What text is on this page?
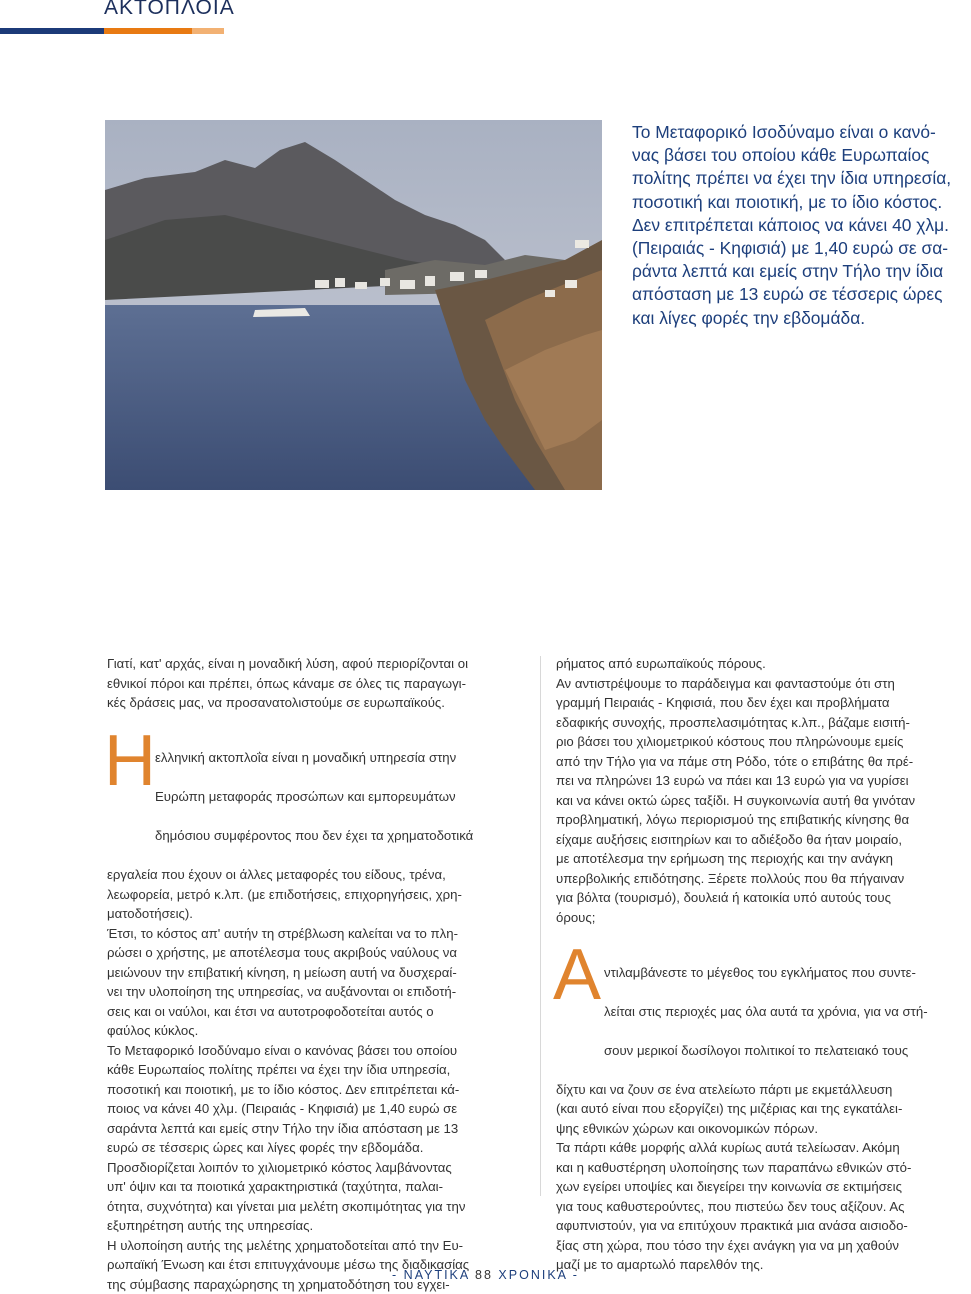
ΑΚΤΟΠΛΟΙΑ
Το Μεταφορικό Ισοδύναμο είναι ο κανό-
νας βάσει του οποίου κάθε Ευρωπαίος
πολίτης πρέπει να έχει την ίδια υπηρεσία,
ποσοτική και ποιοτική, με το ίδιο κόστος.
Δεν επιτρέπεται κάποιος να κάνει 40 χλμ.
(Πειραιάς - Κηφισιά) με 1,40 ευρώ σε σα-
ράντα λεπτά και εμείς στην Τήλο την ίδια
απόσταση με 13 ευρώ σε τέσσερις ώρες
και λίγες φορές την εβδομάδα.

Γιατί, κατ' αρχάς, είναι η μοναδική λύση, αφού περιορίζονται οι
εθνικοί πόροι και πρέπει, όπως κάναμε σε όλες τις παραγωγι-
κές δράσεις μας, να προσανατολιστούμε σε ευρωπαϊκούς.

Η ελληνική ακτοπλοΐα είναι η μοναδική υπηρεσία στην

Ευρώπη μεταφοράς προσώπων και εμπορευμάτων

δημόσιου συμφέροντος που δεν έχει τα χρηματοδοτικά

εργαλεία που έχουν οι άλλες μεταφορές του είδους, τρένα,
λεωφορεία, μετρό κ.λπ. (με επιδοτήσεις, επιχορηγήσεις, χρη-
ματοδοτήσεις).

Έτσι, το κόστος απ' αυτήν τη στρέβλωση καλείται να το πλη-
ρώσει ο χρήστης, με αποτέλεσμα τους ακριβούς ναύλους να
μειώνουν την επιβατική κίνηση, η μείωση αυτή να δυσχεραί-
νει την υλοποίηση της υπηρεσίας, να αυξάνονται οι επιδοτή-
σεις και οι ναύλοι, και έτσι να αυτοτροφοδοτείται αυτός ο
φαύλος κύκλος.

Το Μεταφορικό Ισοδύναμο είναι ο κανόνας βάσει του οποίου
κάθε Ευρωπαίος πολίτης πρέπει να έχει την ίδια υπηρεσία,
ποσοτική και ποιοτική, με το ίδιο κόστος. Δεν επιτρέπεται κά-
ποιος να κάνει 40 χλμ. (Πειραιάς - Κηφισιά) με 1,40 ευρώ σε
σαράντα λεπτά και εμείς στην Τήλο την ίδια απόσταση με 13
ευρώ σε τέσσερις ώρες και λίγες φορές την εβδομάδα.

Προσδιορίζεται λοιπόν το χιλιομετρικό κόστος λαμβάνοντας
υπ' όψιν και τα ποιοτικά χαρακτηριστικά (ταχύτητα, παλαι-
ότητα, συχνότητα) και γίνεται μια μελέτη σκοπιμότητας για την
εξυπηρέτηση αυτής της υπηρεσίας.

Η υλοποίηση αυτής της μελέτης χρηματοδοτείται από την Ευ-
ρωπαϊκή Ένωση και έτσι επιτυγχάνουμε μέσω της διαδικασίας
της σύμβασης παραχώρησης τη χρηματοδότηση του εγχει-

ρήματος από ευρωπαϊκούς πόρους.

Αν αντιστρέψουμε το παράδειγμα και φανταστούμε ότι στη
γραμμή Πειραιάς - Κηφισιά, που δεν έχει και προβλήματα
εδαφικής συνοχής, προσπελασιμότητας κ.λπ., βάζαμε εισιτή-
ριο βάσει του χιλιομετρικού κόστους που πληρώνουμε εμείς
από την Τήλο για να πάμε στη Ρόδο, τότε ο επιβάτης θα πρέ-
πει να πληρώνει 13 ευρώ να πάει και 13 ευρώ για να γυρίσει
και να κάνει οκτώ ώρες ταξίδι. Η συγκοινωνία αυτή θα γινόταν
προβληματική, λόγω περιορισμού της επιβατικής κίνησης θα
είχαμε αυξήσεις εισιτηρίων και το αδιέξοδο θα ήταν μοιραίο,
με αποτέλεσμα την ερήμωση της περιοχής και την ανάγκη
υπερβολικής επιδότησης. Ξέρετε πολλούς που θα πήγαιναν
για βόλτα (τουρισμό), δουλειά ή κατοικία υπό αυτούς τους
όρους;

Α ντιλαμβάνεστε το μέγεθος του εγκλήματος που συντε-

λείται στις περιοχές μας όλα αυτά τα χρόνια, για να στή-

σουν μερικοί δωσίλογοι πολιτικοί το πελατειακό τους

δίχτυ και να ζουν σε ένα ατελείωτο πάρτι με εκμετάλλευση
(και αυτό είναι που εξοργίζει) της μιζέριας και της εγκατάλει-
ψης εθνικών χώρων και οικονομικών πόρων.

Τα πάρτι κάθε μορφής αλλά κυρίως αυτά τελείωσαν. Ακόμη
και η καθυστέρηση υλοποίησης των παραπάνω εθνικών στό-
χων εγείρει υποψίες και διεγείρει την κοινωνία σε εκτιμήσεις
για τους καθυστερούντες, που πιστεύω δεν τους αξίζουν. Ας
αφυπνιστούν, για να επιτύχουν πρακτικά μια ανάσα αισιοδο-
ξίας στη χώρα, που τόσο την έχει ανάγκη για να μη χαθούν
μαζί με το αμαρτωλό παρελθόν της.

- ΝΑΥΤΙΚΑ 88 ΧΡΟΝΙΚΑ -
